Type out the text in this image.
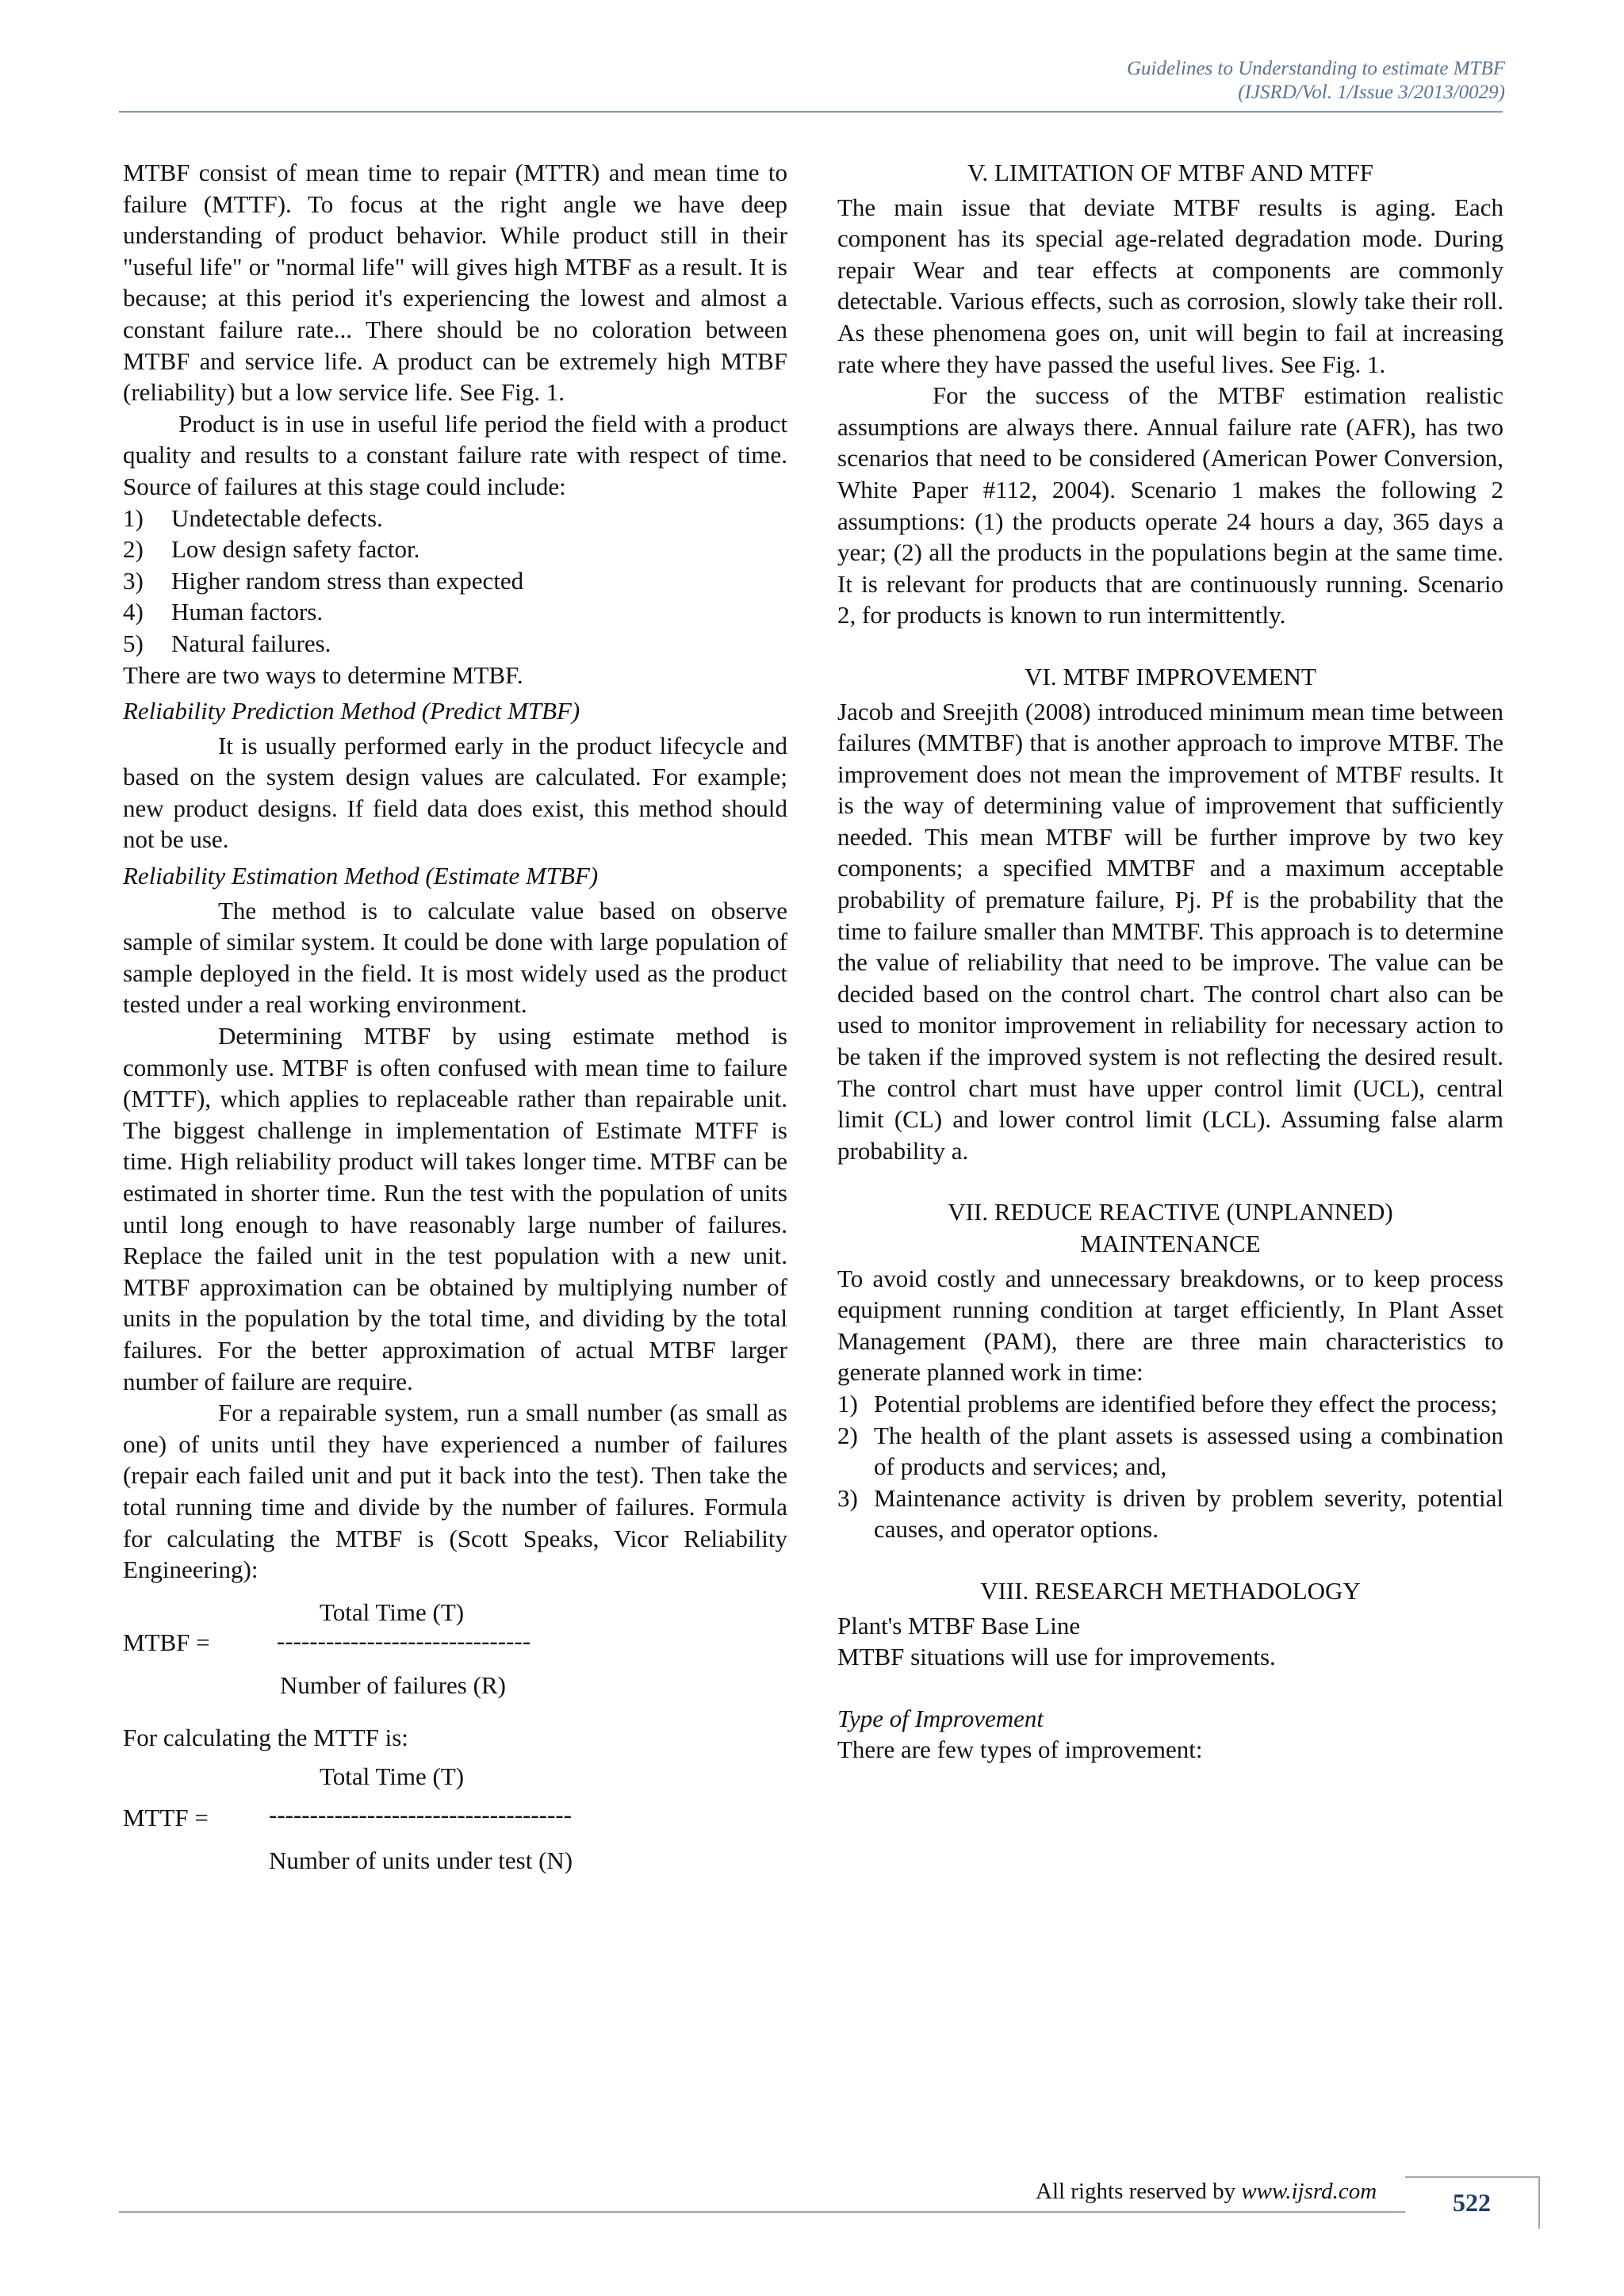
Guidelines to Understanding to estimate MTBF
(IJSRD/Vol. 1/Issue 3/2013/0029)

MTBF consist of mean time to repair (MTTR) and mean time to failure (MTTF). To focus at the right angle we have deep understanding of product behavior. While product still in their "useful life" or "normal life" will gives high MTBF as a result. It is because; at this period it's experiencing the lowest and almost a constant failure rate... There should be no coloration between MTBF and service life. A product can be extremely high MTBF (reliability) but a low service life. See Fig. 1.

Product is in use in useful life period the field with a product quality and results to a constant failure rate with respect of time. Source of failures at this stage could include:

1) Undetectable defects.
2) Low design safety factor.
3) Higher random stress than expected
4) Human factors.
5) Natural failures.

There are two ways to determine MTBF.

Reliability Prediction Method (Predict MTBF)

It is usually performed early in the product lifecycle and based on the system design values are calculated. For example; new product designs. If field data does exist, this method should not be use.

Reliability Estimation Method (Estimate MTBF)

The method is to calculate value based on observe sample of similar system. It could be done with large population of sample deployed in the field. It is most widely used as the product tested under a real working environment.

Determining MTBF by using estimate method is commonly use. MTBF is often confused with mean time to failure (MTTF), which applies to replaceable rather than repairable unit. The biggest challenge in implementation of Estimate MTFF is time. High reliability product will takes longer time. MTBF can be estimated in shorter time. Run the test with the population of units until long enough to have reasonably large number of failures. Replace the failed unit in the test population with a new unit. MTBF approximation can be obtained by multiplying number of units in the population by the total time, and dividing by the total failures. For the better approximation of actual MTBF larger number of failure are require.

For a repairable system, run a small number (as small as one) of units until they have experienced a number of failures (repair each failed unit and put it back into the test). Then take the total running time and divide by the number of failures. Formula for calculating the MTBF is (Scott Speaks, Vicor Reliability Engineering):

Total Time (T)
MTBF =	-------------------------------
Number of failures (R)

For calculating the MTTF is:

Total Time (T)
MTTF = -------------------------------------
Number of units under test (N)

V. LIMITATION OF MTBF AND MTFF

The main issue that deviate MTBF results is aging. Each component has its special age-related degradation mode. During repair Wear and tear effects at components are commonly detectable. Various effects, such as corrosion, slowly take their roll. As these phenomena goes on, unit will begin to fail at increasing rate where they have passed the useful lives. See Fig. 1.

For the success of the MTBF estimation realistic assumptions are always there. Annual failure rate (AFR), has two scenarios that need to be considered (American Power Conversion, White Paper #112, 2004). Scenario 1 makes the following 2 assumptions: (1) the products operate 24 hours a day, 365 days a year; (2) all the products in the populations begin at the same time. It is relevant for products that are continuously running. Scenario 2, for products is known to run intermittently.

VI. MTBF IMPROVEMENT

Jacob and Sreejith (2008) introduced minimum mean time between failures (MMTBF) that is another approach to improve MTBF. The improvement does not mean the improvement of MTBF results. It is the way of determining value of improvement that sufficiently needed. This mean MTBF will be further improve by two key components; a specified MMTBF and a maximum acceptable probability of premature failure, Pj. Pf is the probability that the time to failure smaller than MMTBF. This approach is to determine the value of reliability that need to be improve. The value can be decided based on the control chart. The control chart also can be used to monitor improvement in reliability for necessary action to be taken if the improved system is not reflecting the desired result. The control chart must have upper control limit (UCL), central limit (CL) and lower control limit (LCL). Assuming false alarm probability a.

VII. REDUCE REACTIVE (UNPLANNED)

MAINTENANCE

To avoid costly and unnecessary breakdowns, or to keep process equipment running condition at target efficiently, In Plant Asset Management (PAM), there are three main characteristics to generate planned work in time:

1) Potential problems are identified before they effect the process;
2) The health of the plant assets is assessed using a combination of products and services; and,
3) Maintenance activity is driven by problem severity, potential causes, and operator options.

VIII. RESEARCH METHADOLOGY

Plant's MTBF Base Line

MTBF situations will use for improvements.

Type of Improvement

There are few types of improvement:

All rights reserved by www.ijsrd.com	522
